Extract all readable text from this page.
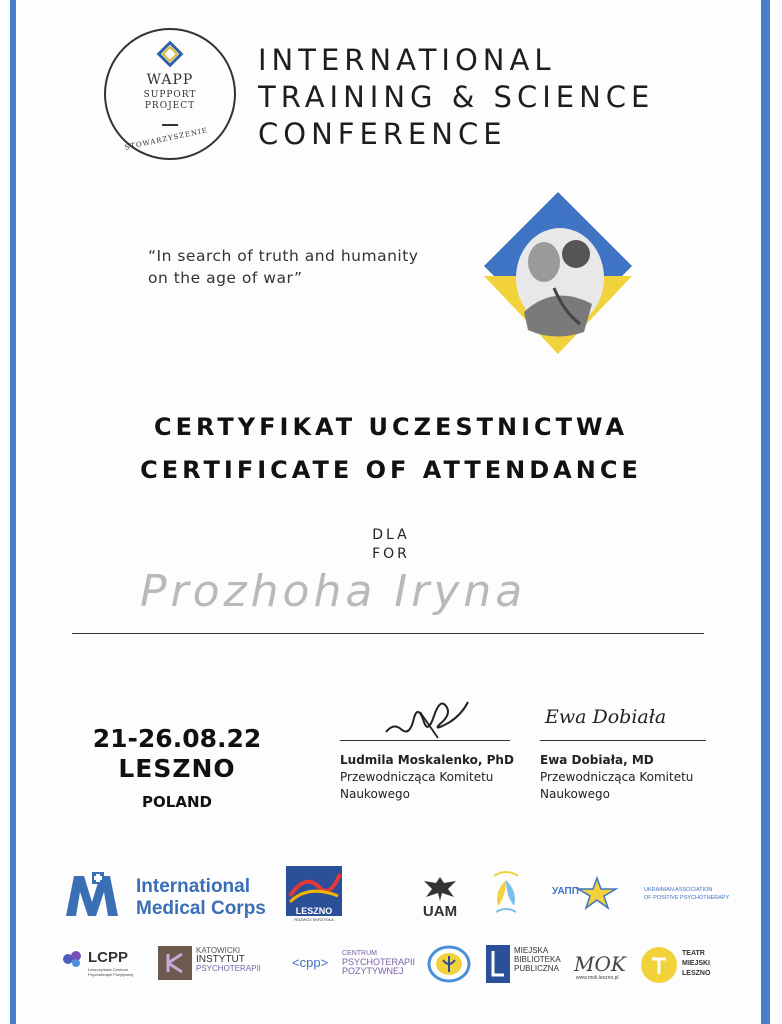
WAPP
SUPPORT
PROJECT
STOWARZYSZENIE
INTERNATIONAL
TRAINING & SCIENCE
CONFERENCE
“In search of truth and humanity
on the age of war”
CERTYFIKAT UCZESTNICTWA
CERTIFICATE OF ATTENDANCE
DLA
FOR
Prozhoha Iryna
21-26.08.22
LESZNO
POLAND
Ludmila Moskalenko, PhD
Przewodnicząca Komitetu
Naukowego
Ewa Dobiała
Ewa Dobiała, MD
Przewodnicząca Komitetu
Naukowego
International
Medical Corps	LESZNO
ROZWÓJ SKRZYDŁA	UAM
УАПП	UKRAINIAN ASSOCIATION
OF POSITIVE PSYCHOTHERAPY
LCPP
Leszczyńskie Centrum
Psychoterapii Pozytywnej
KATOWICKI
INSTYTUT
PSYCHOTERAPII <cpp>
CENTRUM
PSYCHOTERAPII
POZYTYWNEJ
MIEJSKA
BIBLIOTEKA
PUBLICZNA MOK
www.mok.leszno.pl
TEATR
MIEJSKI
LESZNO
